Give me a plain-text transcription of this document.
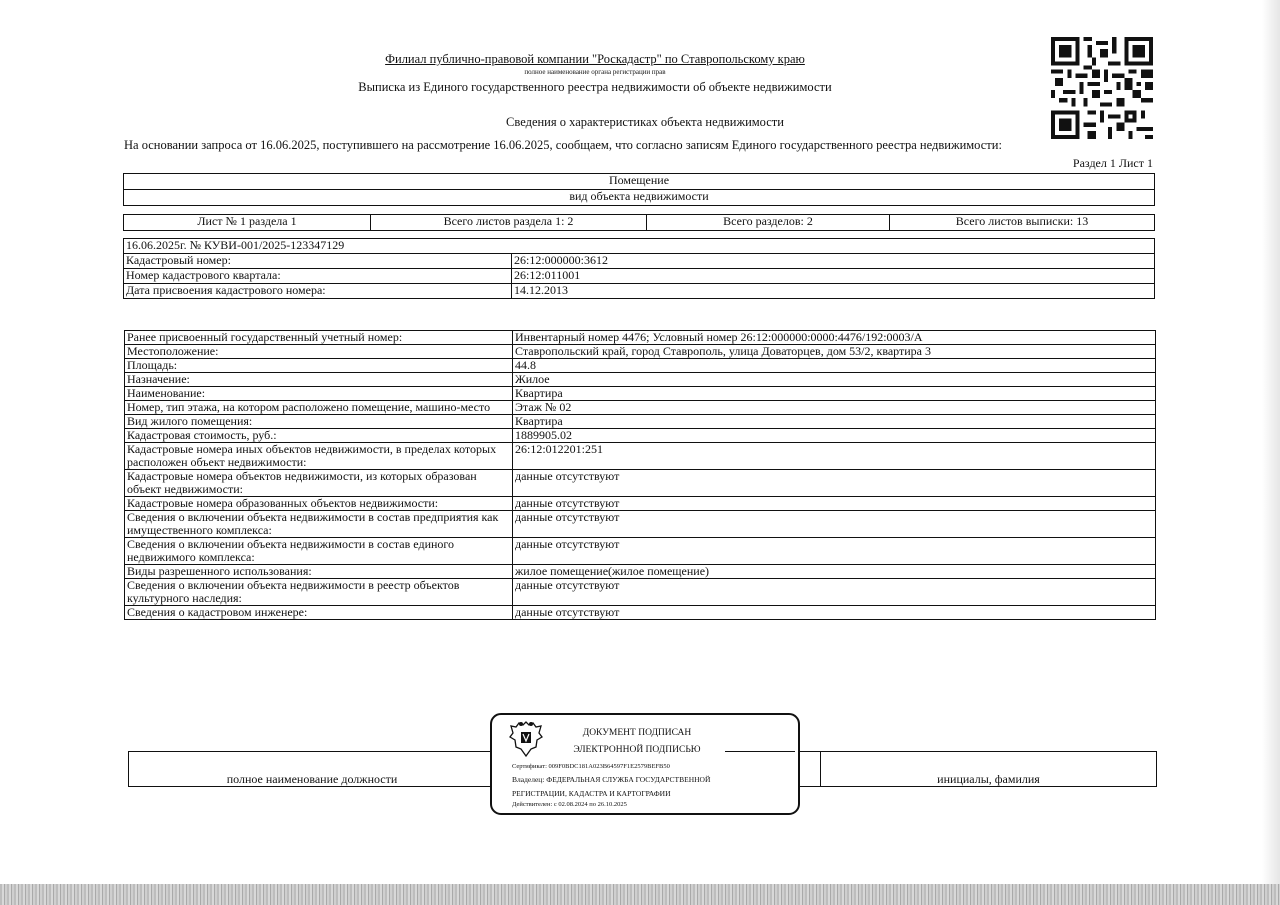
Филиал публично-правовой компании "Роскадастр" по Ставропольскому краю
полное наименование органа регистрации прав
Выписка из Единого государственного реестра недвижимости об объекте недвижимости
Сведения о характеристиках объекта недвижимости
На основании запроса от 16.06.2025, поступившего на рассмотрение 16.06.2025, сообщаем, что согласно записям Единого государственного реестра недвижимости:
Раздел 1 Лист 1
Помещение
вид объекта недвижимости
Лист № 1 раздела 1	Всего листов раздела 1: 2	Всего разделов: 2	Всего листов выписки: 13
16.06.2025г. № КУВИ-001/2025-123347129	
Кадастровый номер:	26:12:000000:3612
Номер кадастрового квартала:	26:12:011001
Дата присвоения кадастрового номера:	14.12.2013
Ранее присвоенный государственный учетный номер:	Инвентарный номер 4476; Условный номер 26:12:000000:0000:4476/192:0003/А
Местоположение:	Ставропольский край, город Ставрополь, улица Доваторцев, дом 53/2, квартира 3
Площадь:	44.8
Назначение:	Жилое
Наименование:	Квартира
Номер, тип этажа, на котором расположено помещение, машино-место	Этаж № 02
Вид жилого помещения:	Квартира
Кадастровая стоимость, руб.:	1889905.02
Кадастровые номера иных объектов недвижимости, в пределах которых расположен объект недвижимости:	26:12:012201:251
Кадастровые номера объектов недвижимости, из которых образован объект недвижимости:	данные отсутствуют
Кадастровые номера образованных объектов недвижимости:	данные отсутствуют
Сведения о включении объекта недвижимости в состав предприятия как имущественного комплекса:	данные отсутствуют
Сведения о включении объекта недвижимости в состав единого недвижимого комплекса:	данные отсутствуют
Виды разрешенного использования:	жилое помещение(жилое помещение)
Сведения о включении объекта недвижимости в реестр объектов культурного наследия:	данные отсутствуют
Сведения о кадастровом инженере:	данные отсутствуют

полное наименование должности		инициалы, фамилия
ДОКУМЕНТ ПОДПИСАН
ЭЛЕКТРОННОЙ ПОДПИСЬЮ
Сертификат: 009F0BDC181A023B64597F1E2579BEFB50
Владелец: ФЕДЕРАЛЬНАЯ СЛУЖБА ГОСУДАРСТВЕННОЙ
РЕГИСТРАЦИИ, КАДАСТРА И КАРТОГРАФИИ
Действителен: с 02.08.2024 по 26.10.2025
